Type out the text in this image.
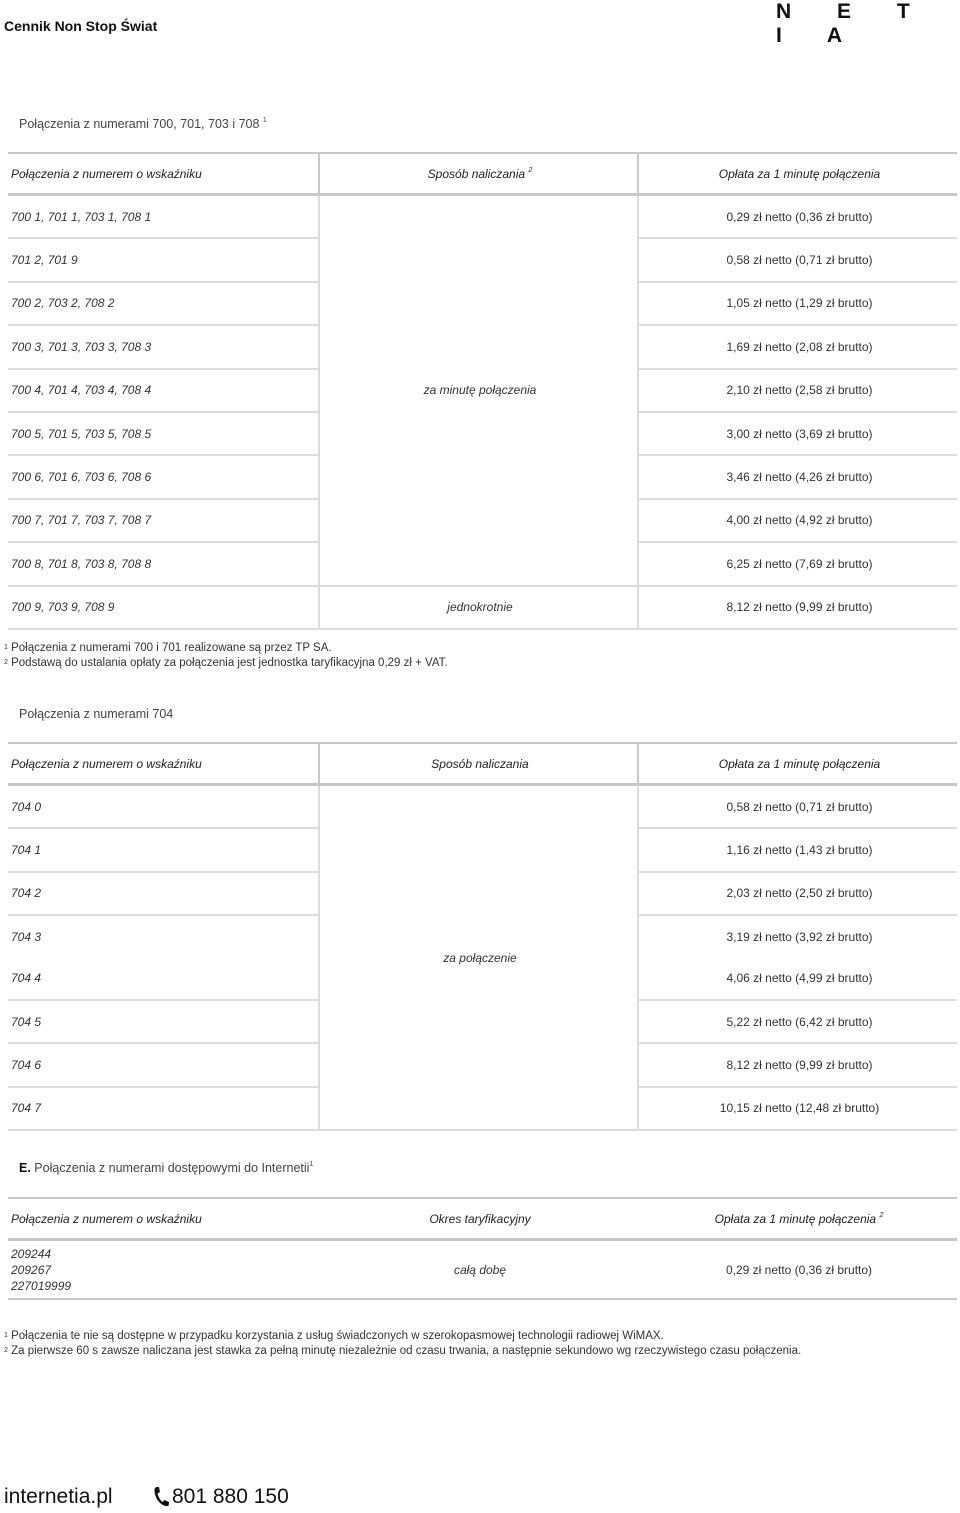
Cennik Non Stop Świat
N E T I A
Połączenia z numerami 700, 701, 703 i 708 $^1$
Połączenia z numerem o wskaźniku	Sposób naliczania $^2$	Opłata za 1 minutę połączenia
700 1, 701 1, 703 1, 708 1	za minutę połączenia	0,29 zł netto (0,36 zł brutto)
701 2, 701 9		0,58 zł netto (0,71 zł brutto)
700 2, 703 2, 708 2		1,05 zł netto (1,29 zł brutto)
700 3, 701 3, 703 3, 708 3		1,69 zł netto (2,08 zł brutto)
700 4, 701 4, 703 4, 708 4		2,10 zł netto (2,58 zł brutto)
700 5, 701 5, 703 5, 708 5		3,00 zł netto (3,69 zł brutto)
700 6, 701 6, 703 6, 708 6		3,46 zł netto (4,26 zł brutto)
700 7, 701 7, 703 7, 708 7		4,00 zł netto (4,92 zł brutto)
700 8, 701 8, 703 8, 708 8		6,25 zł netto (7,69 zł brutto)
700 9, 703 9, 708 9	jednokrotnie	8,12 zł netto (9,99 zł brutto)
$^1$ Połączenia z numerami 700 i 701 realizowane są przez TP SA.
$^2$ Podstawą do ustalania opłaty za połączenia jest jednostka taryfikacyjna 0,29 zł + VAT.
Połączenia z numerami 704
Połączenia z numerem o wskaźniku	Sposób naliczania	Opłata za 1 minutę połączenia
704 0	za połączenie	0,58 zł netto (0,71 zł brutto)
704 1		1,16 zł netto (1,43 zł brutto)
704 2		2,03 zł netto (2,50 zł brutto)
704 3		3,19 zł netto (3,92 zł brutto)
704 4		4,06 zł netto (4,99 zł brutto)
704 5		5,22 zł netto (6,42 zł brutto)
704 6		8,12 zł netto (9,99 zł brutto)
704 7		10,15 zł netto (12,48 zł brutto)
E. Połączenia z numerami dostępowymi do Internetii$^1$
Połączenia z numerem o wskaźniku	Okres taryfikacyjny	Opłata za 1 minutę połączenia $^2$

209244
209267
227019999	całą dobę	0,29 zł netto (0,36 zł brutto)
$^1$ Połączenia te nie są dostępne w przypadku korzystania z usług świadczonych w szerokopasmowej technologii radiowej WiMAX.
$^2$ Za pierwsze 60 s zawsze naliczana jest stawka za pełną minutę niezależnie od czasu trwania, a następnie sekundowo wg rzeczywistego czasu połączenia.
internetia.pl	801 880 150
